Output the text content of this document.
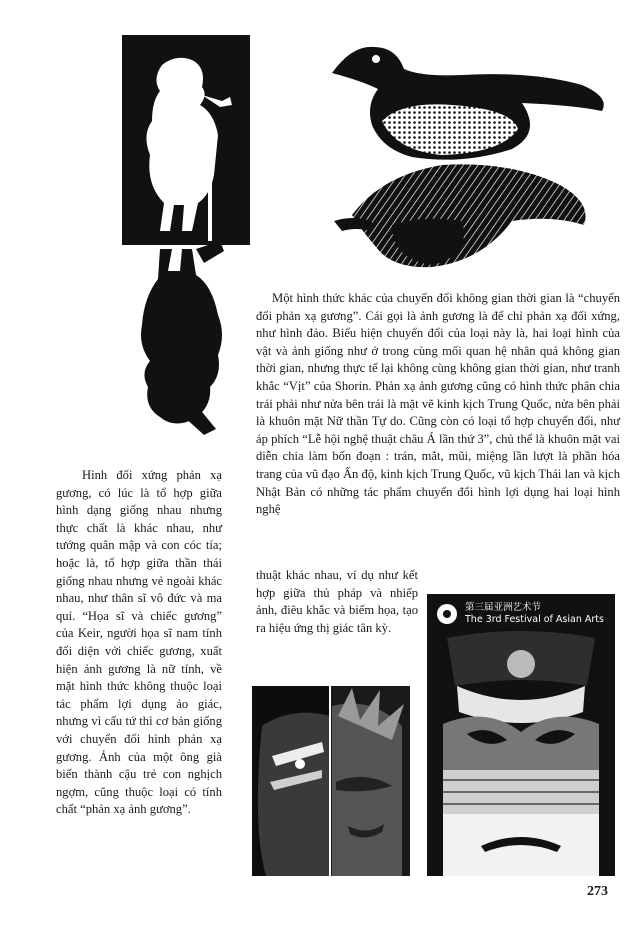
第三届亚洲艺术节
The 3rd Festival of Asian Arts

Một hình thức khác của chuyển đổi không gian thời gian là “chuyển đổi phản xạ gương”. Cái gọi là ảnh gương là để chỉ phản xạ đối xứng, như hình đảo. Biểu hiện chuyển đổi của loại này là, hai loại hình của vật và ảnh giống như ở trong cùng mối quan hệ nhân quả không gian thời gian, nhưng thực tế lại không cùng không gian thời gian, như tranh khắc “Vịt” của Shorin. Phản xạ ảnh gương cũng có hình thức phân chia trái phải như nửa bên trái là mặt vẽ kinh kịch Trung Quốc, nửa bên phải là khuôn mặt Nữ thần Tự do. Cũng còn có loại tổ hợp chuyển đổi, như áp phích “Lễ hội nghệ thuật châu Á lần thứ 3”, chủ thể là khuôn mặt vai diễn chia làm bốn đoạn : trán, mắt, mũi, miệng lần lượt là phần hóa trang của vũ đạo Ấn độ, kinh kịch Trung Quốc, vũ kịch Thái lan và kịch Nhật Bản có những tác phẩm chuyển đổi hình lợi dụng hai loại hình nghệ

thuật khác nhau, ví dụ như kết hợp giữa thủ pháp và nhiếp ảnh, điêu khắc và biếm họa, tạo ra hiệu ứng thị giác tân kỳ.

Hình đối xứng phản xạ gương, có lúc là tổ hợp giữa hình dạng giống nhau nhưng thực chất là khác nhau, như tướng quân mập và con cóc tía; hoặc là, tổ hợp giữa thần thái giống nhau nhưng vẻ ngoài khác nhau, như thân sĩ vô đức và ma quỉ. “Họa sĩ và chiếc gương” của Keir, người họa sĩ nam tính đối diện với chiếc gương, xuất hiện ảnh gương là nữ tính, về mặt hình thức không thuộc loại tác phẩm lợi dụng ảo giác, nhưng vì cấu tứ thì cơ bản giống với chuyển đổi hình phản xạ gương. Ảnh của một ông già biến thành cậu trẻ con nghịch ngợm, cũng thuộc loại có tính chất “phản xạ ảnh gương”.

273
